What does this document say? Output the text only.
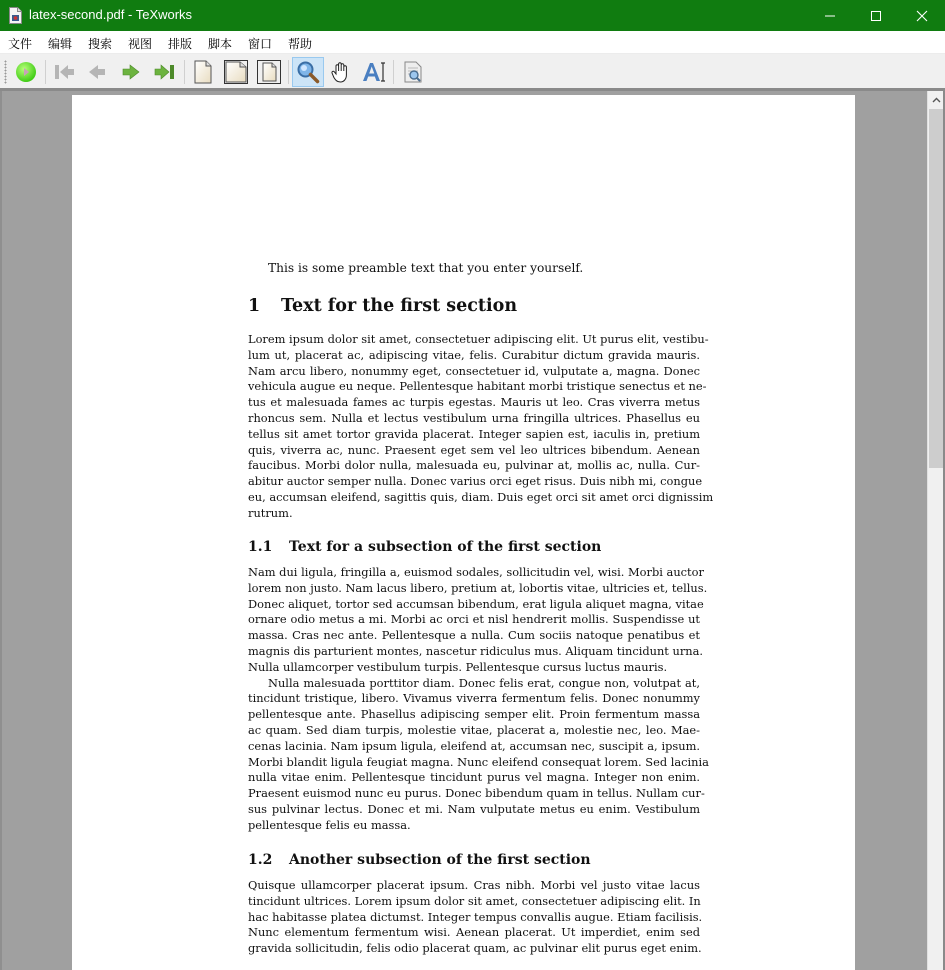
latex-second.pdf - TeXworks
文件 编辑 搜索 视图 排版 脚本 窗口 帮助
This is some preamble text that you enter yourself.
1 Text for the first section
Lorem ipsum dolor sit amet, consectetuer adipiscing elit. Ut purus elit, vestibu-
lum ut, placerat ac, adipiscing vitae, felis. Curabitur dictum gravida mauris.
Nam arcu libero, nonummy eget, consectetuer id, vulputate a, magna. Donec
vehicula augue eu neque. Pellentesque habitant morbi tristique senectus et ne-
tus et malesuada fames ac turpis egestas. Mauris ut leo. Cras viverra metus
rhoncus sem. Nulla et lectus vestibulum urna fringilla ultrices. Phasellus eu
tellus sit amet tortor gravida placerat. Integer sapien est, iaculis in, pretium
quis, viverra ac, nunc. Praesent eget sem vel leo ultrices bibendum. Aenean
faucibus. Morbi dolor nulla, malesuada eu, pulvinar at, mollis ac, nulla. Cur-
abitur auctor semper nulla. Donec varius orci eget risus. Duis nibh mi, congue
eu, accumsan eleifend, sagittis quis, diam. Duis eget orci sit amet orci dignissim
rutrum.
1.1 Text for a subsection of the first section
Nam dui ligula, fringilla a, euismod sodales, sollicitudin vel, wisi. Morbi auctor
lorem non justo. Nam lacus libero, pretium at, lobortis vitae, ultricies et, tellus.
Donec aliquet, tortor sed accumsan bibendum, erat ligula aliquet magna, vitae
ornare odio metus a mi. Morbi ac orci et nisl hendrerit mollis. Suspendisse ut
massa. Cras nec ante. Pellentesque a nulla. Cum sociis natoque penatibus et
magnis dis parturient montes, nascetur ridiculus mus. Aliquam tincidunt urna.
Nulla ullamcorper vestibulum turpis. Pellentesque cursus luctus mauris.
Nulla malesuada porttitor diam. Donec felis erat, congue non, volutpat at,
tincidunt tristique, libero. Vivamus viverra fermentum felis. Donec nonummy
pellentesque ante. Phasellus adipiscing semper elit. Proin fermentum massa
ac quam. Sed diam turpis, molestie vitae, placerat a, molestie nec, leo. Mae-
cenas lacinia. Nam ipsum ligula, eleifend at, accumsan nec, suscipit a, ipsum.
Morbi blandit ligula feugiat magna. Nunc eleifend consequat lorem. Sed lacinia
nulla vitae enim. Pellentesque tincidunt purus vel magna. Integer non enim.
Praesent euismod nunc eu purus. Donec bibendum quam in tellus. Nullam cur-
sus pulvinar lectus. Donec et mi. Nam vulputate metus eu enim. Vestibulum
pellentesque felis eu massa.
1.2 Another subsection of the first section
Quisque ullamcorper placerat ipsum. Cras nibh. Morbi vel justo vitae lacus
tincidunt ultrices. Lorem ipsum dolor sit amet, consectetuer adipiscing elit. In
hac habitasse platea dictumst. Integer tempus convallis augue. Etiam facilisis.
Nunc elementum fermentum wisi. Aenean placerat. Ut imperdiet, enim sed
gravida sollicitudin, felis odio placerat quam, ac pulvinar elit purus eget enim.
